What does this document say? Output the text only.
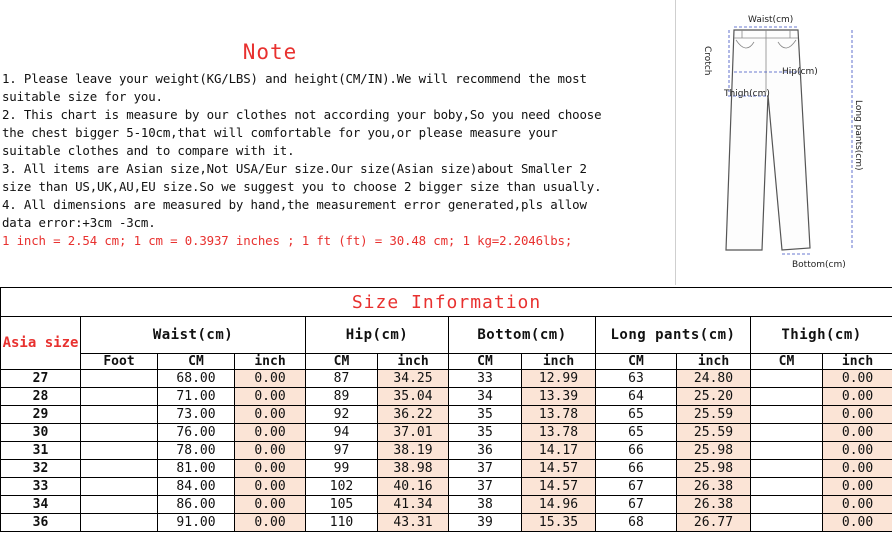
Note
1. Please leave your weight(KG/LBS) and height(CM/IN).We will recommend the most
suitable size for you.
2. This chart is measure by our clothes not according your boby,So you need choose
the chest bigger 5-10cm,that will comfortable for you,or please measure your
suitable clothes and to compare with it.
3. All items are Asian size,Not USA/Eur size.Our size(Asian size)about Smaller 2
size than US,UK,AU,EU size.So we suggest you to choose 2 bigger size than usually.
4. All dimensions are measured by hand,the measurement error generated,pls allow
data error:+3cm -3cm.
1 inch = 2.54 cm; 1 cm = 0.3937 inches ; 1 ft (ft) = 30.48 cm; 1 kg=2.2046lbs;
Waist(cm)
Crotch	Hip(cm)
Thigh(cm)
Long pants(cm)
Bottom(cm)
Size Information											
Asia size	Waist(cm)			Hip(cm)		Bottom(cm)		Long pants(cm)		Thigh(cm)	
	Foot	CM	inch	CM	inch	CM	inch	CM	inch	CM	inch
27		68.00	0.00	87	34.25	33	12.99	63	24.80		0.00
28		71.00	0.00	89	35.04	34	13.39	64	25.20		0.00
29		73.00	0.00	92	36.22	35	13.78	65	25.59		0.00
30		76.00	0.00	94	37.01	35	13.78	65	25.59		0.00
31		78.00	0.00	97	38.19	36	14.17	66	25.98		0.00
32		81.00	0.00	99	38.98	37	14.57	66	25.98		0.00
33		84.00	0.00	102	40.16	37	14.57	67	26.38		0.00
34		86.00	0.00	105	41.34	38	14.96	67	26.38		0.00
36		91.00	0.00	110	43.31	39	15.35	68	26.77		0.00
